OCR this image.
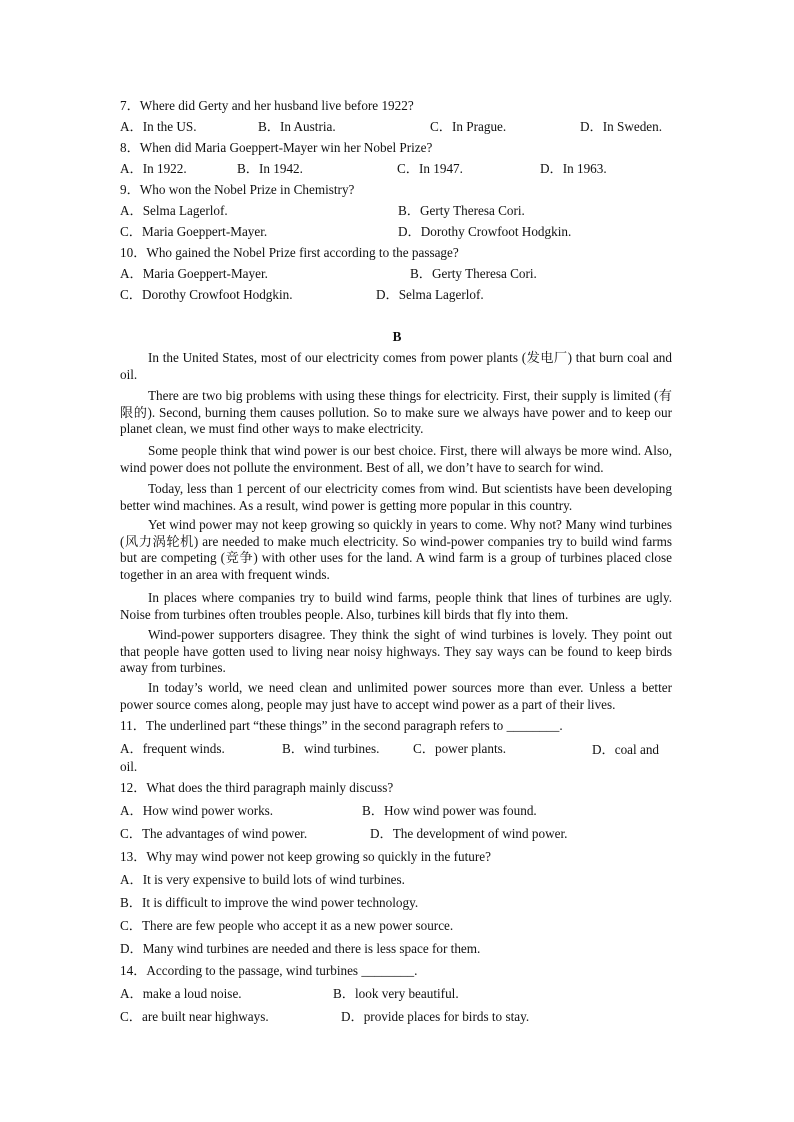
7．Where did Gerty and her husband live before 1922?
A．In the US.	B．In Austria.	C．In Prague.	D．In Sweden.
8．When did Maria Goeppert-Mayer win her Nobel Prize?
A．In 1922.	B．In 1942.	C．In 1947.	D．In 1963.
9．Who won the Nobel Prize in Chemistry?
A．Selma Lagerlof.	B．Gerty Theresa Cori.
C．Maria Goeppert-Mayer.	D．Dorothy Crowfoot Hodgkin.
10．Who gained the Nobel Prize first according to the passage?
A．Maria Goeppert-Mayer.	B．Gerty Theresa Cori.
C．Dorothy Crowfoot Hodgkin.	D．Selma Lagerlof.
B
In the United States, most of our electricity comes from power plants (发电厂) that burn coal and oil.
There are two big problems with using these things for electricity. First, their supply is limited (有限的). Second, burning them causes pollution. So to make sure we always have power and to keep our planet clean, we must find other ways to make electricity.
Some people think that wind power is our best choice. First, there will always be more wind. Also, wind power does not pollute the environment. Best of all, we don’t have to search for wind.
Today, less than 1 percent of our electricity comes from wind. But scientists have been developing better wind machines. As a result, wind power is getting more popular in this country.
Yet wind power may not keep growing so quickly in years to come. Why not? Many wind turbines (风力涡轮机) are needed to make much electricity. So wind-power companies try to build wind farms but are competing (竞争) with other uses for the land. A wind farm is a group of turbines placed close together in an area with frequent winds.
In places where companies try to build wind farms, people think that lines of turbines are ugly. Noise from turbines often troubles people. Also, turbines kill birds that fly into them.
Wind-power supporters disagree. They think the sight of wind turbines is lovely. They point out that people have gotten used to living near noisy highways. They say ways can be found to keep birds away from turbines.
In today’s world, we need clean and unlimited power sources more than ever. Unless a better power source comes along, people may just have to accept wind power as a part of their lives.
11．The underlined part “these things” in the second paragraph refers to ________.
A．frequent winds.	B．wind turbines.	C．power plants.	D．coal and oil.
12．What does the third paragraph mainly discuss?
A．How wind power works.	B．How wind power was found.
C．The advantages of wind power.	D．The development of wind power.
13．Why may wind power not keep growing so quickly in the future?
A．It is very expensive to build lots of wind turbines.
B．It is difficult to improve the wind power technology.
C．There are few people who accept it as a new power source.
D．Many wind turbines are needed and there is less space for them.
14．According to the passage, wind turbines ________.
A．make a loud noise.	B．look very beautiful.
C．are built near highways.	D．provide places for birds to stay.
